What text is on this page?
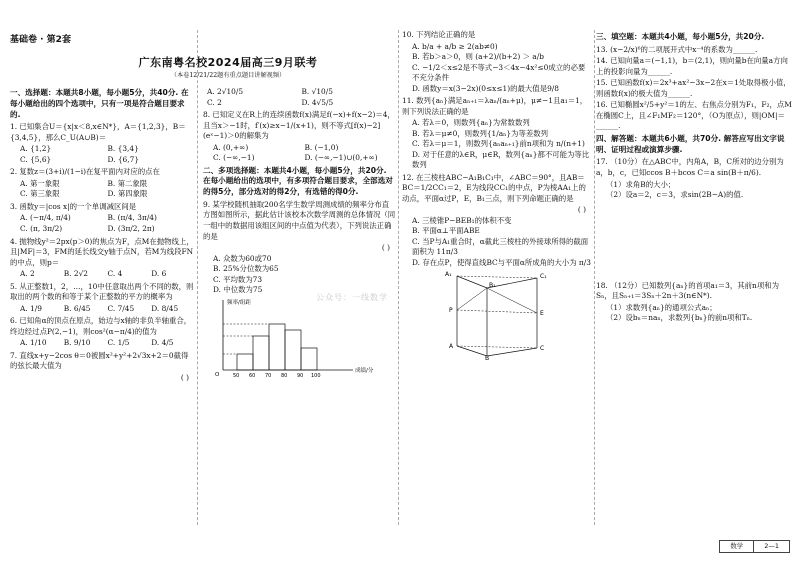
基础卷 · 第2套
广东南粤名校2024届高三9月联考
（本卷12/21/22题有重点题目讲解视频）
一、选择题：本题共8小题，每小题5分，共40分. 在每小题给出的四个选项中，只有一项是符合题目要求的.
1. 已知集合U＝{x|x＜8,x∈N*}，A＝{1,2,3}，B＝{3,4,5}，那么C_U(A∪B)＝
A. {1,2}	B. {3,4}
C. {5,6}	D. {6,7}
2. 复数z＝(3+i)/(1−i)在复平面内对应的点在
A. 第一象限	B. 第二象限
C. 第三象限	D. 第四象限
3. 函数y＝|cos x|的一个单调减区间是
A. (−π/4, π/4)	B. (π/4, 3π/4)
C. (π, 3π/2)	D. (3π/2, 2π)
4. 抛物线y²＝2px(p＞0)的焦点为F，点M在抛物线上，且|MF|＝3，FM的延长线交y轴于点N，若M为线段FN的中点，则p＝
A. 2	B. 2√2	C. 4	D. 6
5. 从正整数1，2，…，10中任意取出两个不同的数，则取出的两个数的和等于某个正整数的平方的概率为
A. 1/9	B. 6/45	C. 7/45	D. 8/45
6. 已知角α的顶点在原点，始边与x轴的非负半轴重合，终边经过点P(2,−1)，则cos²(α−π/4)的值为
A. 1/10	B. 9/10	C. 1/5	D. 4/5
7. 直线x+y−2cos θ＝0被圆x²+y²+2√3x+2＝0截得的弦长最大值为
( )
A. 2√10/5	B. √10/5
C. 2	D. 4√5/5
8. 已知定义在R上的连续函数f(x)满足f(−x)+f(x−2)＝4，且当x＞−1时，f′(x)≥x−1/(x+1)，则不等式[f(x)−2](eˣ−1)＞0的解集为
A. (0,+∞)	B. (−1,0)
C. (−∞,−1)	D. (−∞,−1)∪(0,+∞)
二、多项选择题：本题共4小题，每小题5分，共20分. 在每小题给出的选项中，有多项符合题目要求，全部选对的得5分，部分选对的得2分，有选错的得0分.
9. 某学校随机抽取200名学生数学周测成绩的频率分布直方图如图所示，据此估计该校本次数学周测的总体情况（同一组中的数据用该组区间的中点值为代表），下列说法正确的是
( )
A. 众数为60或70
B. 25%分位数为65
C. 平均数为73
D. 中位数为75
频率/组距
成绩/分
O	50 60 70 80 90 100
10. 下列结论正确的是
A. b/a + a/b ≥ 2(ab≠0)
B. 若b＞a＞0，则 (a+2)/(b+2) ＞ a/b
C. −1/2＜x≤2是不等式−3＜4x−4x²≤0成立的必要不充分条件
D. 函数y＝x(3−2x)(0≤x≤1)的最大值是9/8
11. 数列{aₙ}满足aₙ₊₁＝λaₙ/(aₙ+μ)，μ≠−1且a₁＝1，则下列说法正确的是
A. 若λ＝0，则数列{aₙ}为常数数列
B. 若λ＝μ≠0，则数列{1/aₙ}为等差数列
C. 若λ＝μ＝1，则数列{aₙaₙ₊₁}前n项和为 n/(n+1)
D. 对于任意的λ∈R，μ∈R，数列{aₙ}都不可能为等比数列
12. 在三棱柱ABC−A₁B₁C₁中，∠ABC＝90°，且AB＝BC＝1/2CC₁＝2，E为线段CC₁的中点，P为棱AA₁上的动点，平面α过P，E，B₁三点，则下列命题正确的是
( )
A. 三棱锥P−BEB₁的体积不变
B. 平面α⊥平面ABE
C. 当P与A₁重合时，α截此三棱柱的外接球所得的截面面积为 11π/3
D. 存在点P，使得直线BC与平面α所成角的大小为 π/3
A₁
B₁
C₁
P	E
A
B
C
三、填空题：本题共4小题，每小题5分，共20分.
13. (x−2/x)⁶的二项展开式中x⁻⁴的系数为______.
14. 已知向量a＝(−1,1)，b＝(2,1)，则向量b在向量a方向上的投影向量为______.
15. 已知函数f(x)＝2x³+ax²−3x−2在x＝1处取得极小值，则函数f(x)的极大值为______.
16. 已知椭圆x²/5+y²＝1的左、右焦点分别为F₁，F₂，点M在椭圆C上，且∠F₁MF₂＝120°，（O为原点），则|OM|＝______.
四、解答题：本题共6小题，共70分. 解答应写出文字说明、证明过程或演算步骤.
17. （10分）在△ABC中，内角A，B，C所对的边分别为a，b，c，已知ccos B＋bcos C＝a sin(B＋π/6).
（1）求角B的大小；
（2）设a＝2，c＝3，求sin(2B−A)的值.
18. （12分）已知数列{aₙ}的首项a₁＝3，其前n项和为Sₙ，且Sₙ₊₁＝3Sₙ＋2n＋3(n∈N*).
（1）求数列{aₙ}的通项公式aₙ；
（2）设bₙ＝naₙ，求数列{bₙ}的前n项和Tₙ.
公众号：一线数学
数学	2—1
